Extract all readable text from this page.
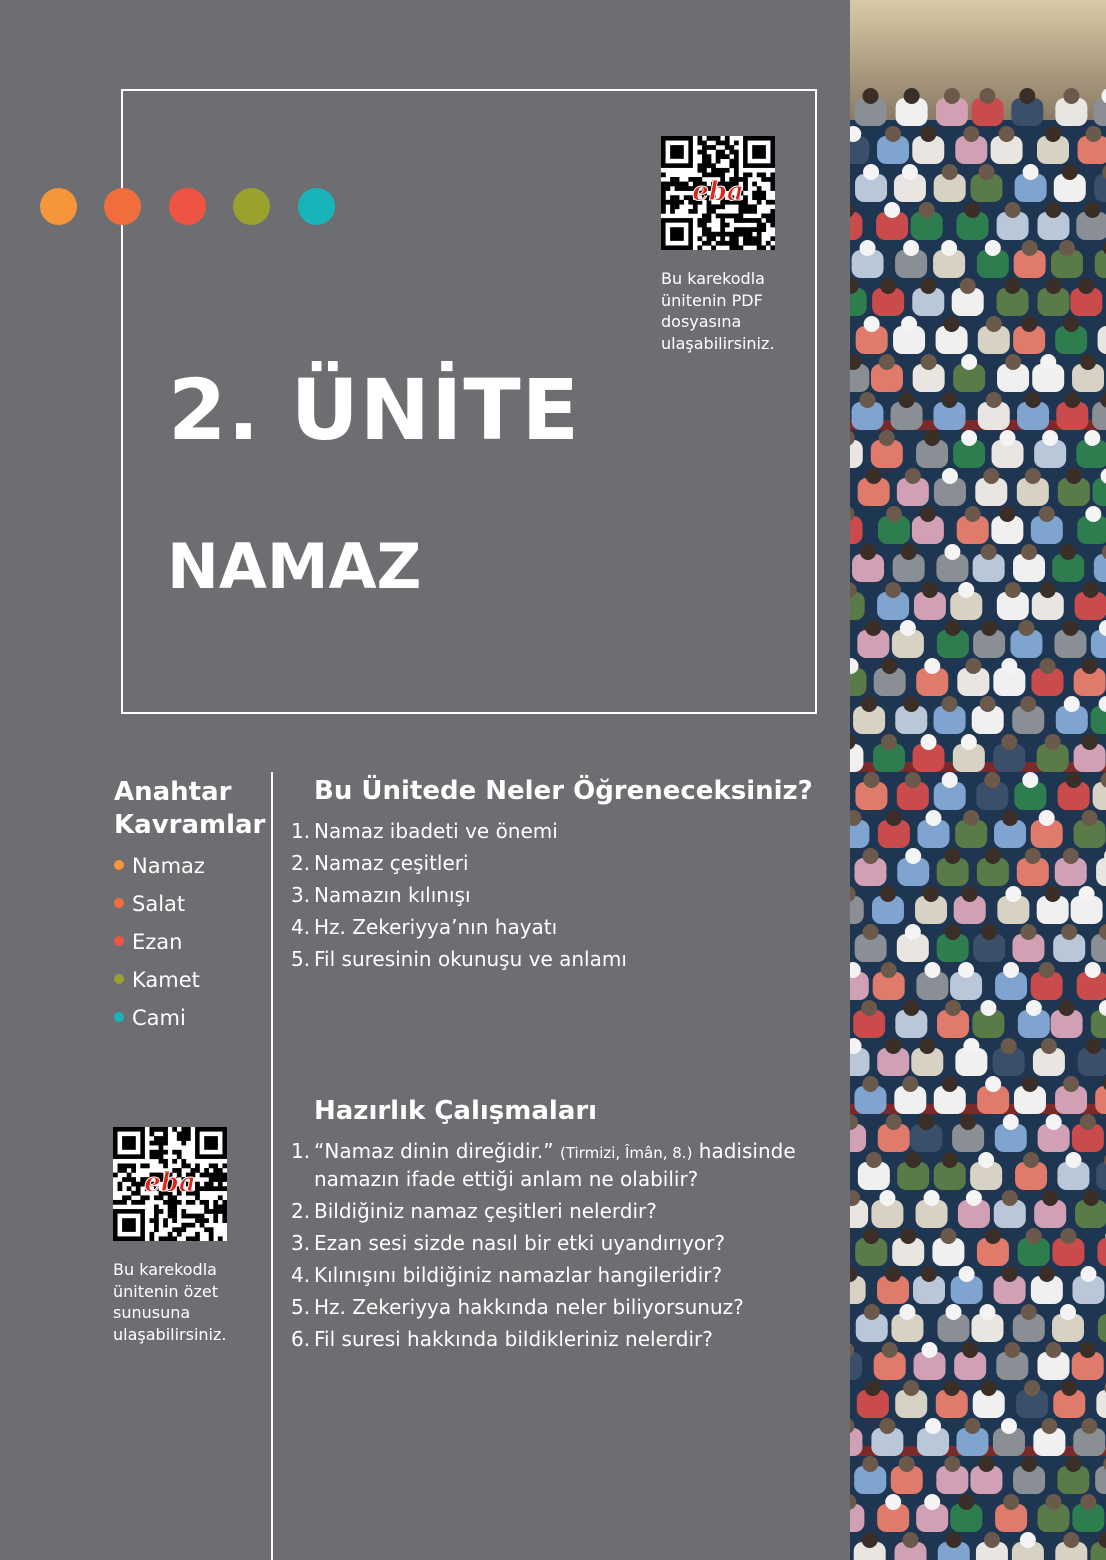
2. ÜNİTE
NAMAZ
eba
Bu karekodla
ünitenin PDF
dosyasına
ulaşabilirsiniz.
eba
Bu karekodla
ünitenin özet
sunusuna
ulaşabilirsiniz.
Anahtar Kavramlar
Namaz
Salat
Ezan
Kamet
Cami
Bu Ünitede Neler Öğreneceksiniz?
1. Namaz ibadeti ve önemi
2. Namaz çeşitleri
3. Namazın kılınışı
4. Hz. Zekeriyya’nın hayatı
5. Fil suresinin okunuşu ve anlamı
Hazırlık Çalışmaları
1. “Namaz dinin direğidir.” (Tirmizi, Îmân, 8.) hadisinde
namazın ifade ettiği anlam ne olabilir?
2. Bildiğiniz namaz çeşitleri nelerdir?
3. Ezan sesi sizde nasıl bir etki uyandırıyor?
4. Kılınışını bildiğiniz namazlar hangileridir?
5. Hz. Zekeriyya hakkında neler biliyorsunuz?
6. Fil suresi hakkında bildikleriniz nelerdir?
